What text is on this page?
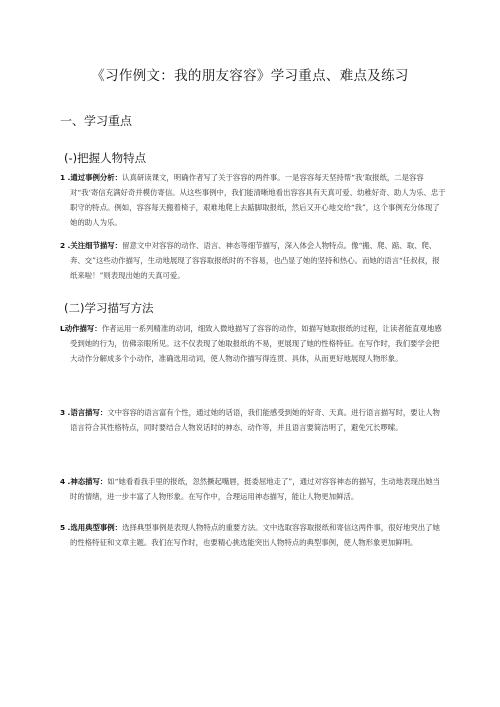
《习作例文：我的朋友容容》学习重点、难点及练习
一、学习重点
(-)把握人物特点
1 .通过事例分析：认真研读课文，明确作者写了关于容容的两件事。一是容容每天坚持帮“我‘取报纸，二是容容对“我‘寄信充满好奇并模仿寄信。从这些事例中，我们能清晰地看出容容具有天真可爱、幼稚好奇、助人为乐、忠于职守的特点。例如，容容每天搬着椅子，艰难地爬上去踮脚取报纸，然后又开心地交给“我”，这个事例充分体现了她的助人为乐。
2 .关注细节描写：留意文中对容容的动作、语言、神态等细节描写，深入体会人物特点。像“搬、爬、踮、取、爬、奔、交”这些动作描写，生动地展现了容容取报纸时的不容易，也凸显了她的坚持和热心。而她的语言“任叔叔，报纸来啦！”则表现出她的天真可爱。
(二)学习描写方法
L动作描写：作者运用一系列精准的动词，细致入微地描写了容容的动作，如描写她取报纸的过程，让读者能直观地感受到她的行为，仿佛亲眼所见。这不仅表现了她取报纸的不易，更展现了她的性格特征。在写作时，我们要学会把大动作分解成多个小动作，准确选用动词，使人物动作描写得连贯、具体，从而更好地展现人物形象。
3 .语言描写：文中容容的语言富有个性，通过她的话语，我们能感受到她的好奇、天真。进行语言描写时，要让人物语言符合其性格特点，同时要结合人物说话时的神态、动作等，并且语言要简洁明了，避免冗长啰嗦。
4 .神态描写：如“她看看我手里的报纸，忽然撅起嘴唇，挺委屈地走了”，通过对容容神态的描写，生动地表现出她当时的情绪，进一步丰富了人物形象。在写作中，合理运用神态描写，能让人物更加鲜活。
5 .选用典型事例：选择典型事例是表现人物特点的重要方法。文中选取容容取报纸和寄信这两件事，很好地突出了她的性格特征和文章主题。我们在写作时，也要精心挑选能突出人物特点的典型事例，使人物形象更加鲜明。
